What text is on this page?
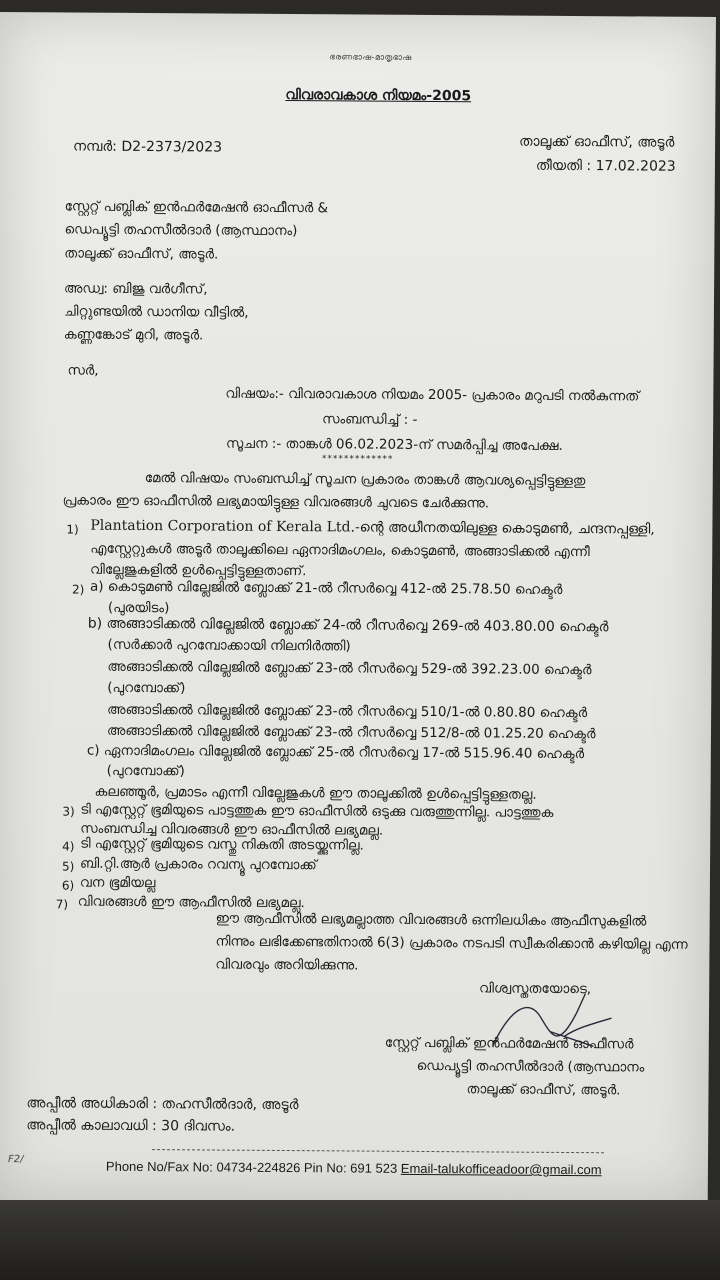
ഭരണഭാഷ-മാതൃഭാഷ
വിവരാവകാശ നിയമം-2005
നമ്പർ: D2-2373/2023	താലൂക്ക് ഓഫീസ്, അടൂർ
തീയതി : 17.02.2023
സ്റ്റേറ്റ് പബ്ലിക് ഇൻഫർമേഷൻ ഓഫീസർ &
ഡെപ്യൂട്ടി തഹസീൽദാർ (ആസ്ഥാനം)
താലൂക്ക് ഓഫീസ്, അടൂർ.
അഡ്വ: ബിജു വർഗീസ്,
ചിറ്റുണ്ടയിൽ ഡാനിയ വീട്ടിൽ,
കണ്ണങ്കോട് മുറി, അടൂർ.
സർ,
വിഷയം:- വിവരാവകാശ നിയമം 2005- പ്രകാരം മറുപടി നൽകുന്നത്
സംബന്ധിച്ച് : -
സൂചന :- താങ്കൾ 06.02.2023-ന് സമർപ്പിച്ച അപേക്ഷ.
*************
മേൽ വിഷയം സംബന്ധിച്ച് സൂചന പ്രകാരം താങ്കൾ ആവശ്യപ്പെട്ടിട്ടുള്ളതു
പ്രകാരം ഈ ഓഫീസിൽ ലഭ്യമായിട്ടുള്ള വിവരങ്ങൾ ചുവടെ ചേർക്കുന്നു.
1) Plantation Corporation of Kerala Ltd.-ന്റെ അധീനതയിലുള്ള കൊടുമൺ, ചന്ദനപ്പള്ളി,
എസ്റ്റേറ്റുകൾ അടൂർ താലൂക്കിലെ ഏനാദിമംഗലം, കൊടുമൺ, അങ്ങാടിക്കൽ എന്നീ
വില്ലേജുകളിൽ ഉൾപ്പെട്ടിട്ടുള്ളതാണ്.
2) a) കൊടുമൺ വില്ലേജിൽ ബ്ലോക്ക് 21-ൽ റീസർവ്വെ 412-ൽ 25.78.50 ഹെക്ടർ
(പുരയിടം)
b) അങ്ങാടിക്കൽ വില്ലേജിൽ ബ്ലോക്ക് 24-ൽ റീസർവ്വെ 269-ൽ 403.80.00 ഹെക്ടർ
(സർക്കാർ പുറമ്പോക്കായി നിലനിർത്തി)
അങ്ങാടിക്കൽ വില്ലേജിൽ ബ്ലോക്ക് 23-ൽ റീസർവ്വെ 529-ൽ 392.23.00 ഹെക്ടർ
(പുറമ്പോക്ക്)
അങ്ങാടിക്കൽ വില്ലേജിൽ ബ്ലോക്ക് 23-ൽ റീസർവ്വെ 510/1-ൽ 0.80.80 ഹെക്ടർ
അങ്ങാടിക്കൽ വില്ലേജിൽ ബ്ലോക്ക് 23-ൽ റീസർവ്വെ 512/8-ൽ 01.25.20 ഹെക്ടർ
c) ഏനാദിമംഗലം വില്ലേജിൽ ബ്ലോക്ക് 25-ൽ റീസർവ്വെ 17-ൽ 515.96.40 ഹെക്ടർ
(പുറമ്പോക്ക്)
കലഞ്ഞൂർ, പ്രമാടം എന്നീ വില്ലേജുകൾ ഈ താലൂക്കിൽ ഉൾപ്പെട്ടിട്ടുള്ളതല്ല.
3) ടി എസ്റ്റേറ്റ് ഭൂമിയുടെ പാട്ടത്തുക ഈ ഓഫീസിൽ ഒടുക്കു വരുത്തുന്നില്ല. പാട്ടത്തുക
സംബന്ധിച്ച വിവരങ്ങൾ ഈ ഓഫീസിൽ ലഭ്യമല്ല.
4) ടി എസ്റ്റേറ്റ് ഭൂമിയുടെ വസ്തു നികുതി അടയ്ക്കുന്നില്ല.
5) ബി.റ്റി.ആർ പ്രകാരം റവന്യൂ പുറമ്പോക്ക്
6) വന ഭൂമിയല്ല
7) വിവരങ്ങൾ ഈ ആഫീസിൽ ലഭ്യമല്ല.
ഈ ആഫീസിൽ ലഭ്യമല്ലാത്ത വിവരങ്ങൾ ഒന്നിലധികം ആഫീസുകളിൽ
നിന്നും ലഭിക്കേണ്ടതിനാൽ 6(3) പ്രകാരം നടപടി സ്വീകരിക്കാൻ കഴിയില്ല എന്ന
വിവരവും അറിയിക്കുന്നു.
വിശ്വസ്തതയോടെ,
സ്റ്റേറ്റ് പബ്ലിക് ഇൻഫർമേഷൻ ഓഫീസർ
ഡെപ്യൂട്ടി തഹസീൽദാർ (ആസ്ഥാനം
താലൂക്ക് ഓഫീസ്, അടൂർ.
അപ്പീൽ അധികാരി : തഹസീൽദാർ, അടൂർ
അപ്പീൽ കാലാവധി : 30 ദിവസം.
F2/	Phone No/Fax No: 04734-224826 Pin No: 691 523 Email-talukofficeadoor@gmail.com
